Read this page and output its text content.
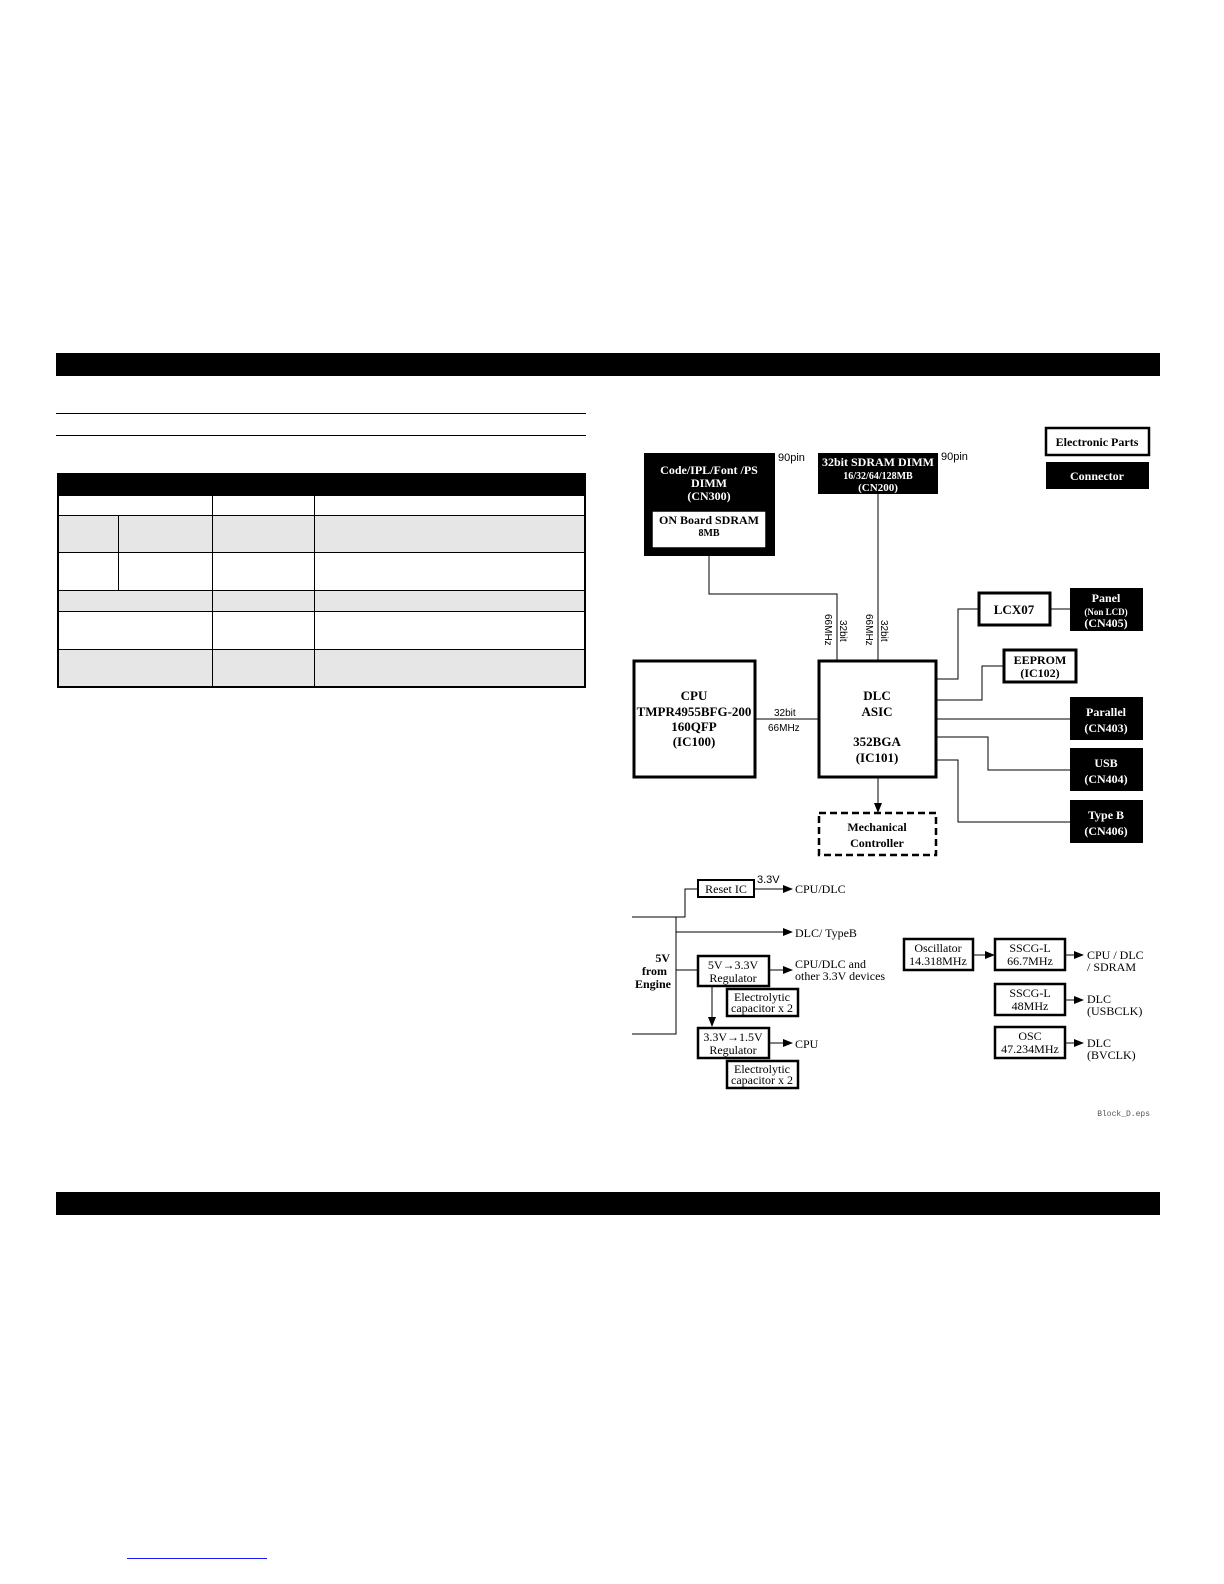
Electronic Parts
Connector
Code/IPL/Font /PS
DIMM
(CN300)
90pin
ON Board SDRAM
8MB
32bit SDRAM DIMM
16/32/64/128MB
(CN200)
90pin
66MHz 32bit 66MHz 32bit
CPU
TMPR4955BFG-200
160QFP
(IC100)
32bit
66MHz
DLC
ASIC
352BGA
(IC101)
LCX07
Panel
(Non LCD)
(CN405)
EEPROM
(IC102)
Parallel
(CN403)
USB
(CN404)
Type B
(CN406)
Mechanical
Controller
5V
from
Engine
Reset IC
3.3V
CPU/DLC
DLC/ TypeB
5V→3.3V
Regulator
CPU/DLC and
other 3.3V devices
Electrolytic
capacitor x 2
3.3V→1.5V
Regulator	CPU
Electrolytic
capacitor x 2
Oscillator
14.318MHz
SSCG-L
66.7MHz	CPU / DLC
/ SDRAM
SSCG-L
48MHz	DLC
(USBCLK)
OSC
47.234MHz DLC
(BVCLK)
Block_D.eps
